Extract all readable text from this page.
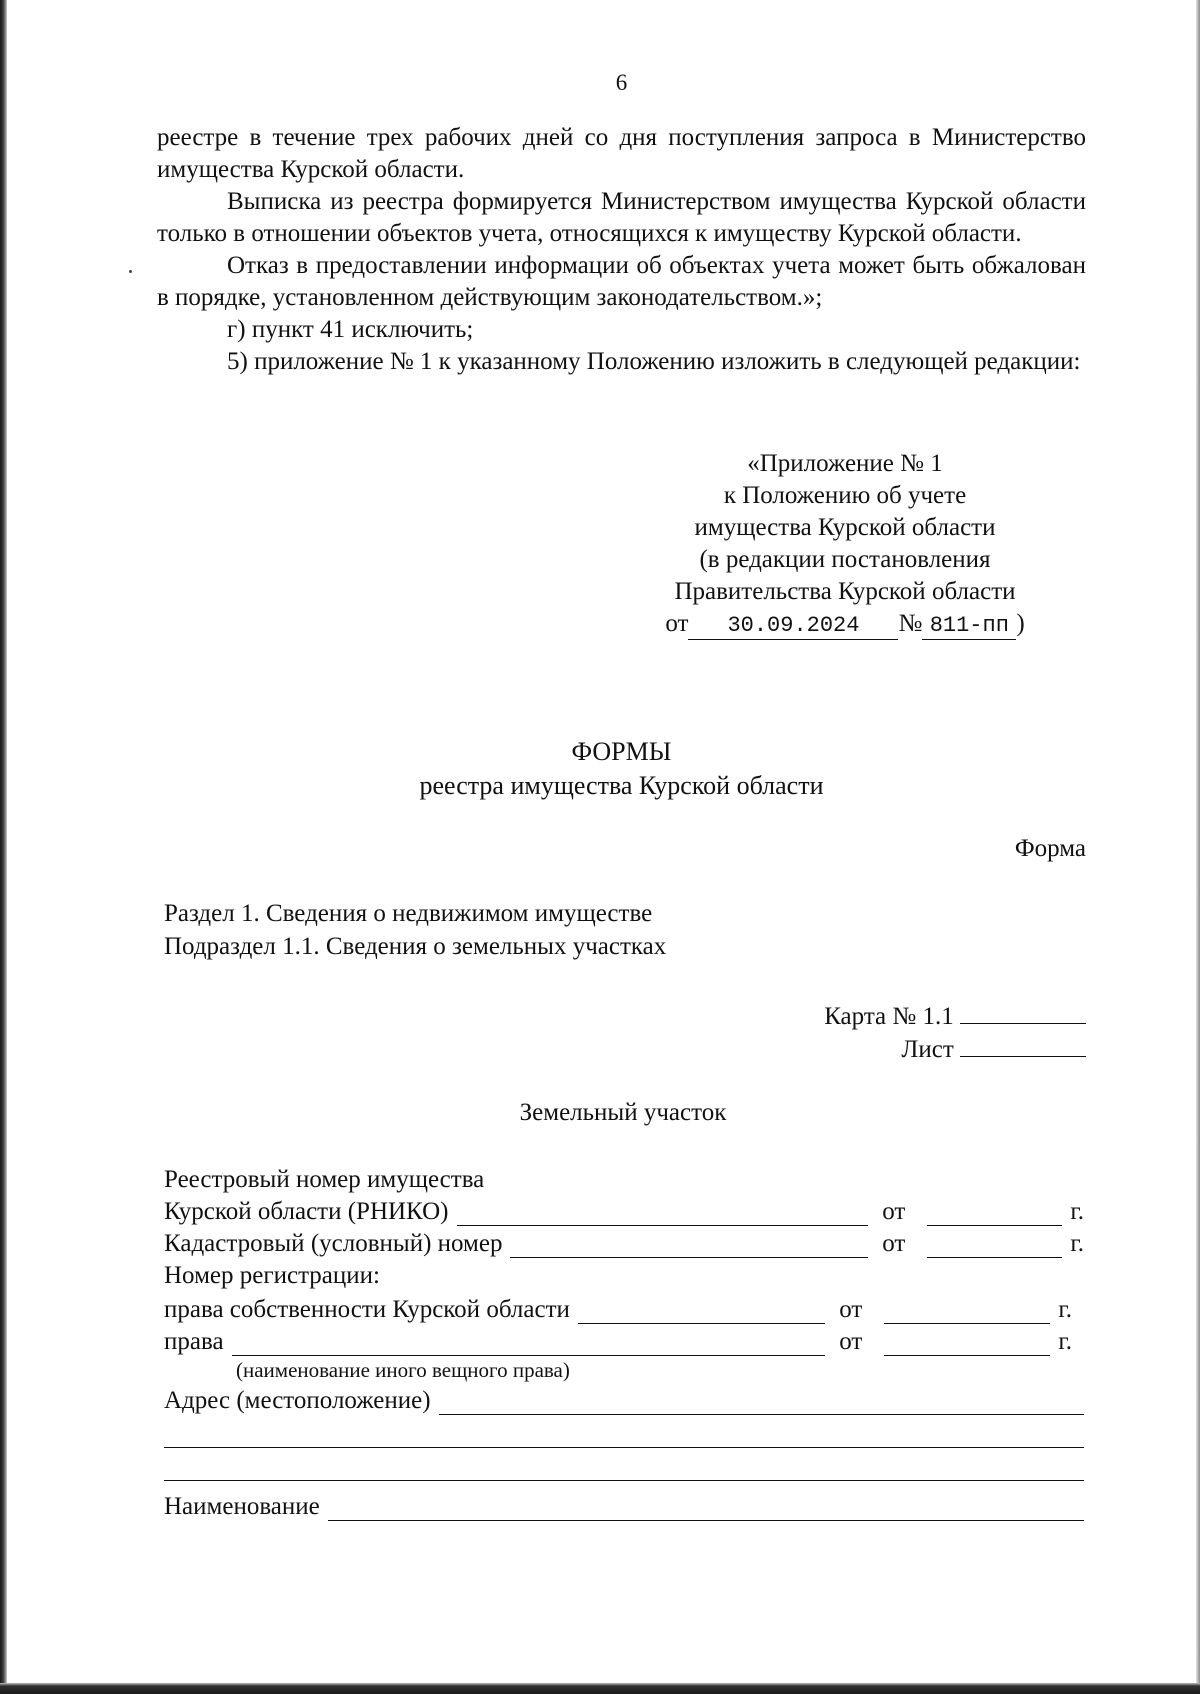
6

реестре в течение трех рабочих дней со дня поступления запроса в Министерство имущества Курской области.

Выписка из реестра формируется Министерством имущества Курской области только в отношении объектов учета, относящихся к имуществу Курской области.

Отказ в предоставлении информации об объектах учета может быть обжалован в порядке, установленном действующим законодательством.»;

г) пункт 41 исключить;

5) приложение № 1 к указанному Положению изложить в следующей редакции:

«Приложение № 1
к Положению об учете
имущества Курской области
(в редакции постановления
Правительства Курской области
от 30.09.2024 № 811-пп )
ФОРМЫ
реестра имущества Курской области
Форма
Раздел 1. Сведения о недвижимом имуществе
Подраздел 1.1. Сведения о земельных участках
Карта № 1.1
Лист
Земельный участок
Реестровый номер имущества
Курской области (РНИКО)	от	г.
Кадастровый (условный) номер	от	г.
Номер регистрации:
права собственности Курской области	от	г.
права	от	г.
(наименование иного вещного права)
Адрес (местоположение)
Наименование
